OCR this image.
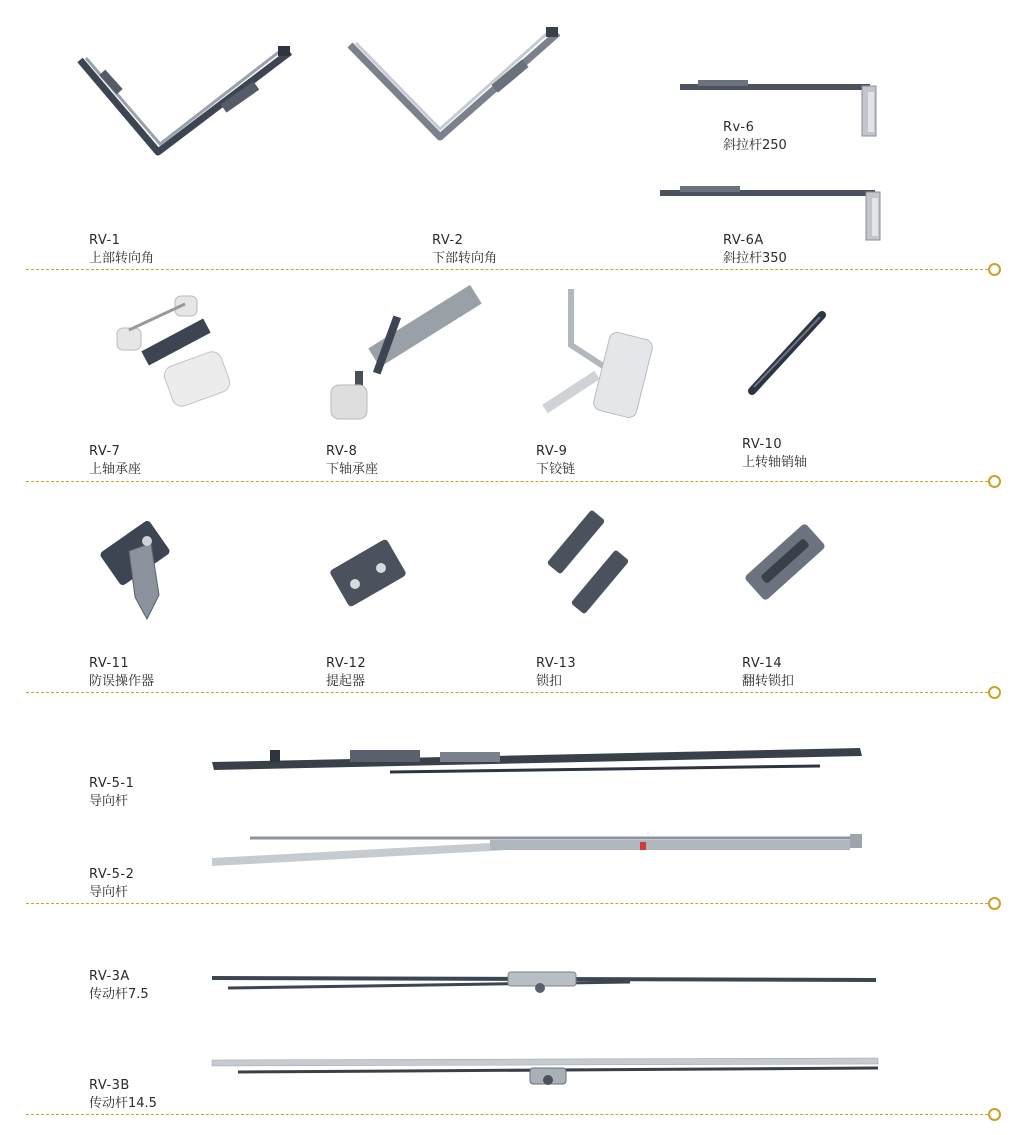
RV-1
上部转向角
RV-2
下部转向角
Rv-6
斜拉杆250
RV-6A
斜拉杆350
RV-7
上轴承座
RV-8
下轴承座
RV-9
下铰链
RV-10
上转轴销轴
RV-11
防误操作器
RV-12
提起器
RV-13
锁扣
RV-14
翻转锁扣
RV-5-1
导向杆
RV-5-2
导向杆
RV-3A
传动杆7.5
RV-3B
传动杆14.5
